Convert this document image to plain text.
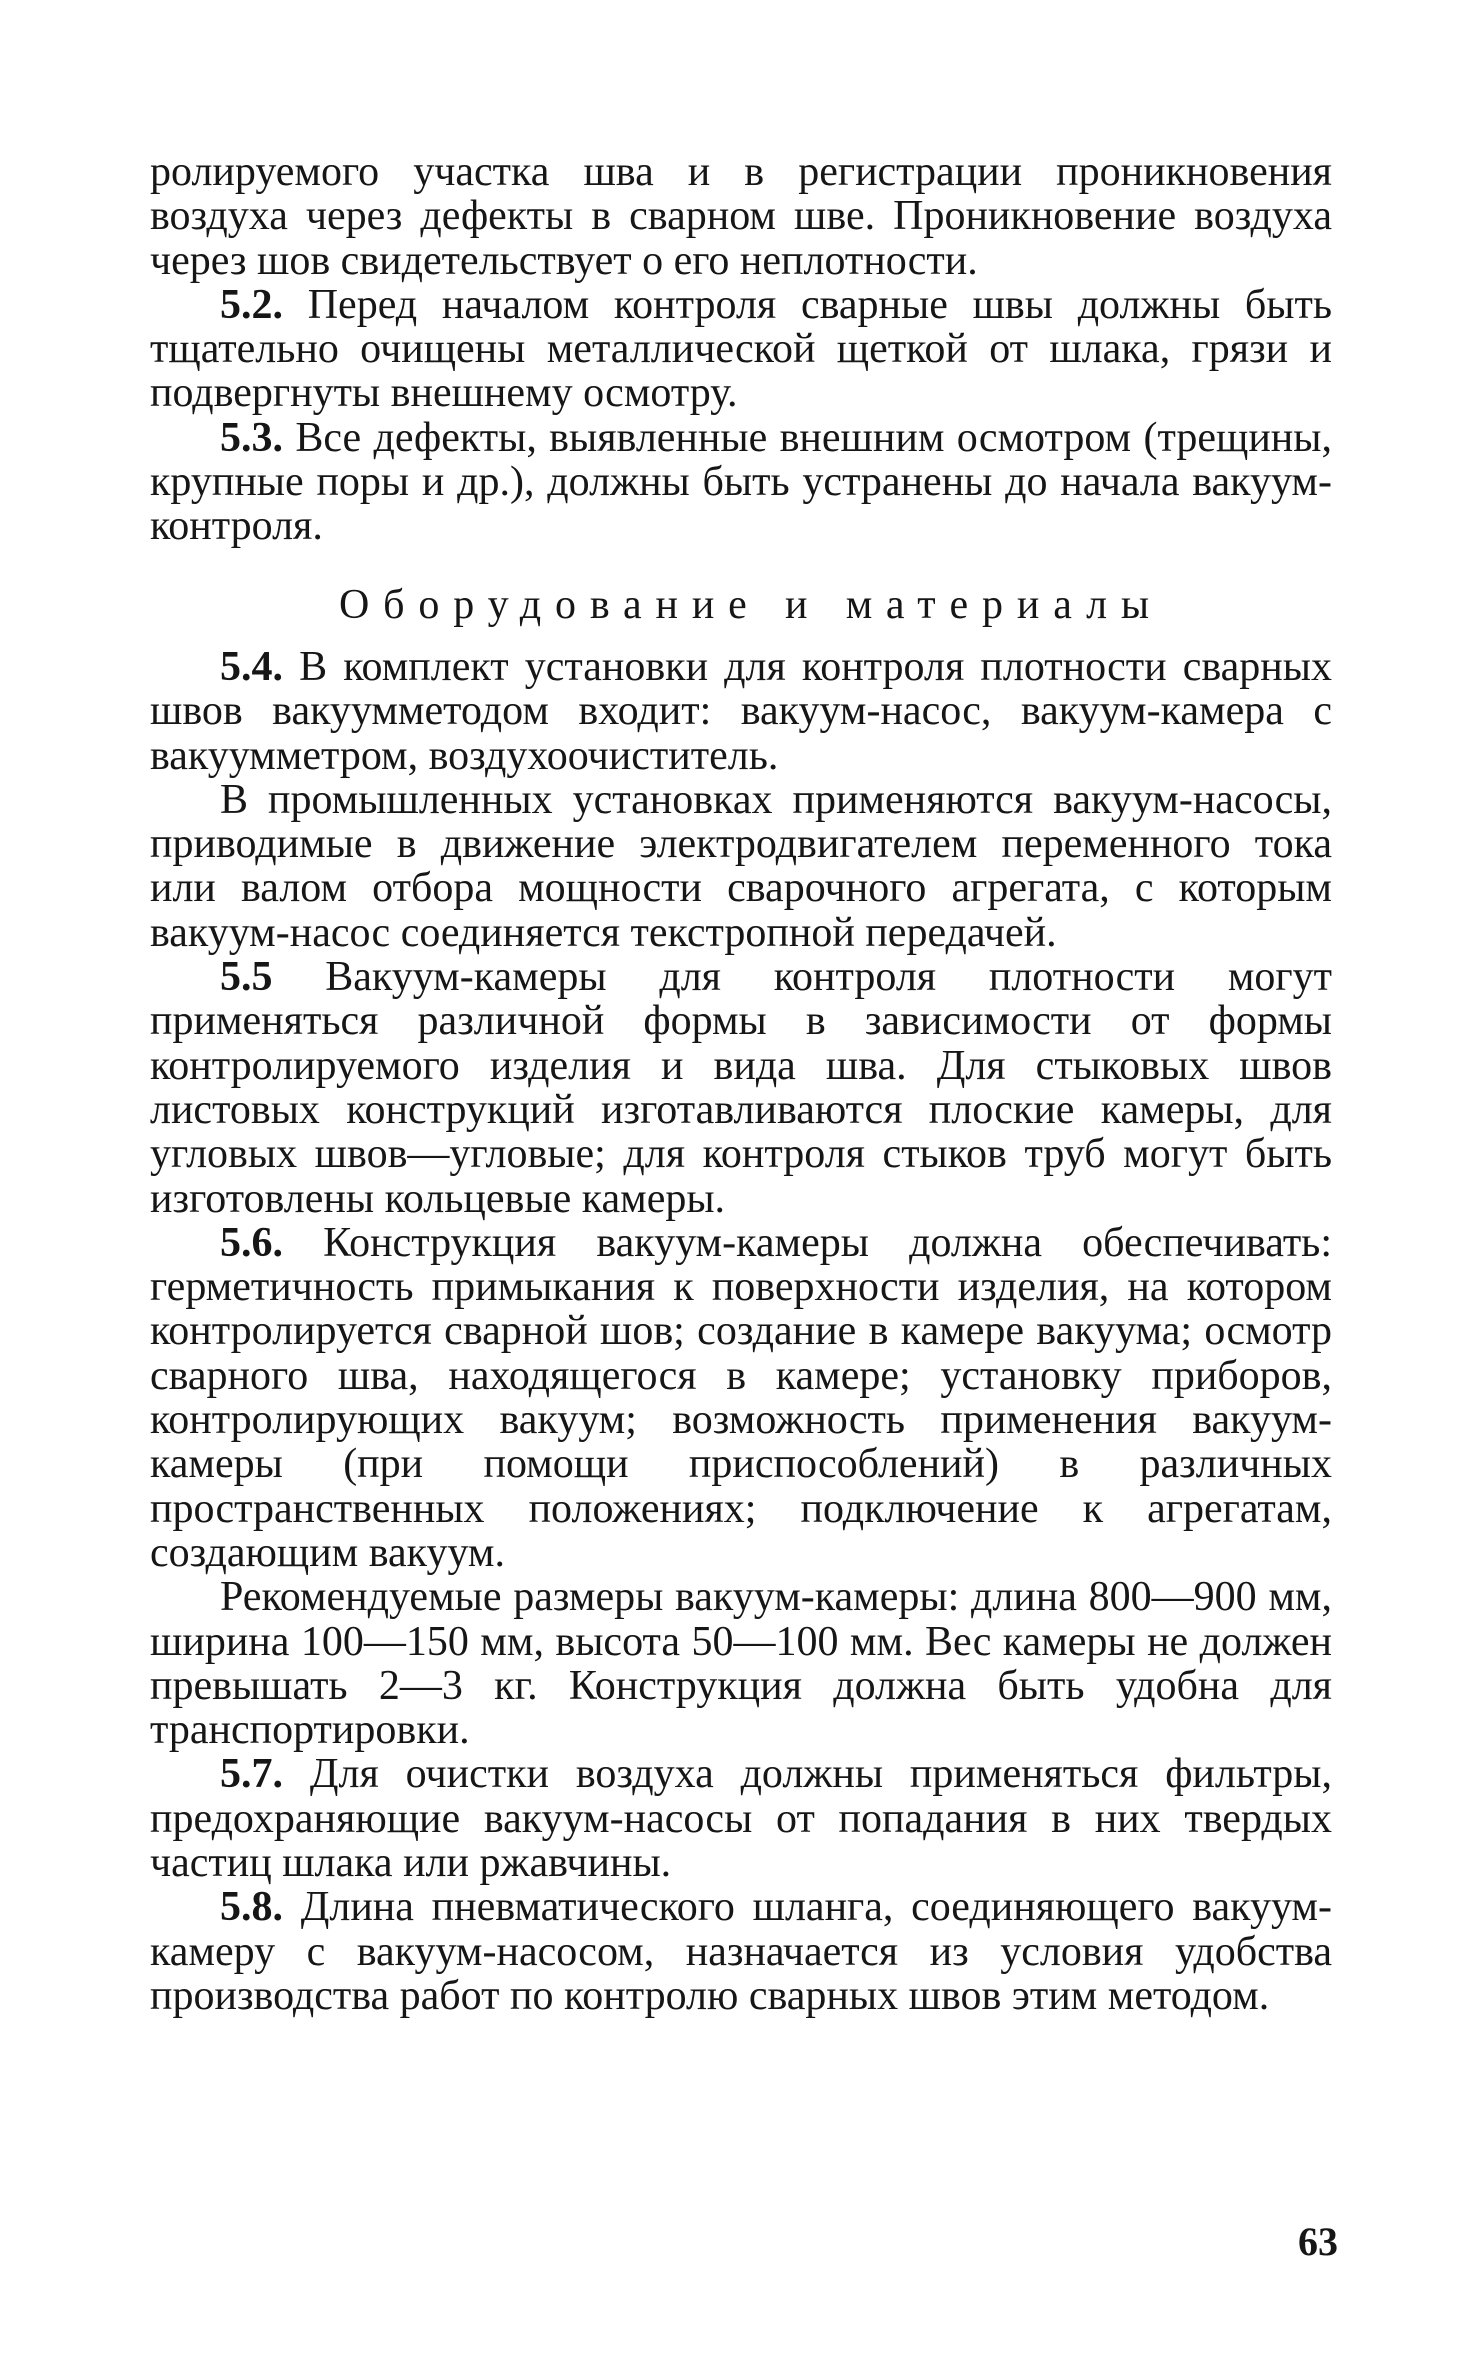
ролируемого участка шва и в регистрации проникновения воздуха через дефекты в сварном шве. Проникновение воздуха через шов свидетельствует о его неплотности.

5.2. Перед началом контроля сварные швы должны быть тщательно очищены металлической щеткой от шлака, грязи и подвергнуты внешнему осмотру.

5.3. Все дефекты, выявленные внешним осмотром (трещины, крупные поры и др.), должны быть устранены до начала вакуум-контроля.

Оборудование и материалы

5.4. В комплект установки для контроля плотности сварных швов вакуумметодом входит: вакуум-насос, вакуум-камера с вакуумметром, воздухоочиститель.

В промышленных установках применяются вакуум-насосы, приводимые в движение электродвигателем переменного тока или валом отбора мощности сварочного агрегата, с которым вакуум-насос соединяется текстропной передачей.

5.5 Вакуум-камеры для контроля плотности могут применяться различной формы в зависимости от формы контролируемого изделия и вида шва. Для стыковых швов листовых конструкций изготавливаются плоские камеры, для угловых швов—угловые; для контроля стыков труб могут быть изготовлены кольцевые камеры.

5.6. Конструкция вакуум-камеры должна обеспечивать: герметичность примыкания к поверхности изделия, на котором контролируется сварной шов; создание в камере вакуума; осмотр сварного шва, находящегося в камере; установку приборов, контролирующих вакуум; возможность применения вакуум-камеры (при помощи приспособлений) в различных пространственных положениях; подключение к агрегатам, создающим вакуум.

Рекомендуемые размеры вакуум-камеры: длина 800—900 мм, ширина 100—150 мм, высота 50—100 мм. Вес камеры не должен превышать 2—3 кг. Конструкция должна быть удобна для транспортировки.

5.7. Для очистки воздуха должны применяться фильтры, предохраняющие вакуум-насосы от попадания в них твердых частиц шлака или ржавчины.

5.8. Длина пневматического шланга, соединяющего вакуум-камеру с вакуум-насосом, назначается из условия удобства производства работ по контролю сварных швов этим методом.

63
